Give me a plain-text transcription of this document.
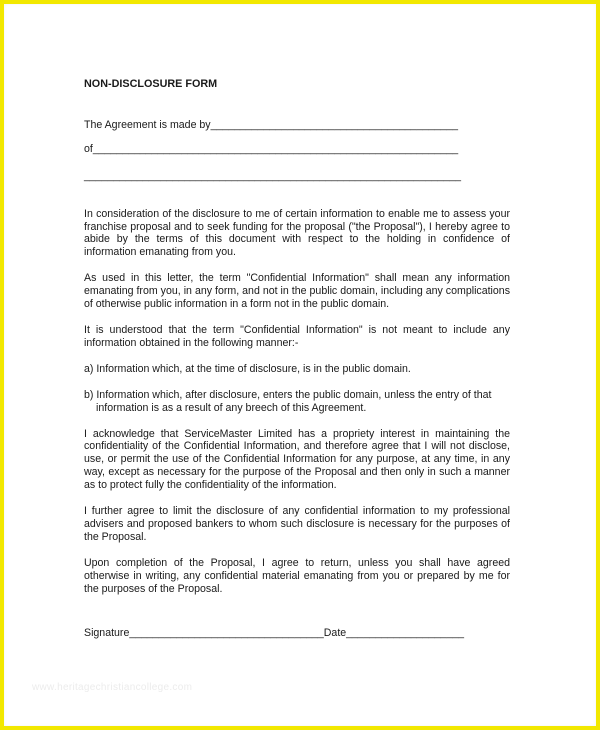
www.heritagechristiancollege.com

NON-DISCLOSURE FORM

The Agreement is made by__________________________________________

of______________________________________________________________

________________________________________________________________

In consideration of the disclosure to me of certain information to enable me to assess your franchise proposal and to seek funding for the proposal ("the Proposal"), I hereby agree to abide by the terms of this document with respect to the holding in confidence of information emanating from you.

As used in this letter, the term "Confidential Information" shall mean any information emanating from you, in any form, and not in the public domain, including any complications of otherwise public information in a form not in the public domain.

It is understood that the term "Confidential Information" is not meant to include any information obtained in the following manner:-

a) Information which, at the time of disclosure, is in the public domain.

b) Information which, after disclosure, enters the public domain, unless the entry of that information is as a result of any breech of this Agreement.

I acknowledge that ServiceMaster Limited has a propriety interest in maintaining the confidentiality of the Confidential Information, and therefore agree that I will not disclose, use, or permit the use of the Confidential Information for any purpose, at any time, in any way, except as necessary for the purpose of the Proposal and then only in such a manner as to protect fully the confidentiality of the information.

I further agree to limit the disclosure of any confidential information to my professional advisers and proposed bankers to whom such disclosure is necessary for the purposes of the Proposal.

Upon completion of the Proposal, I agree to return, unless you shall have agreed otherwise in writing, any confidential material emanating from you or prepared by me for the purposes of the Proposal.

Signature_________________________________Date____________________
